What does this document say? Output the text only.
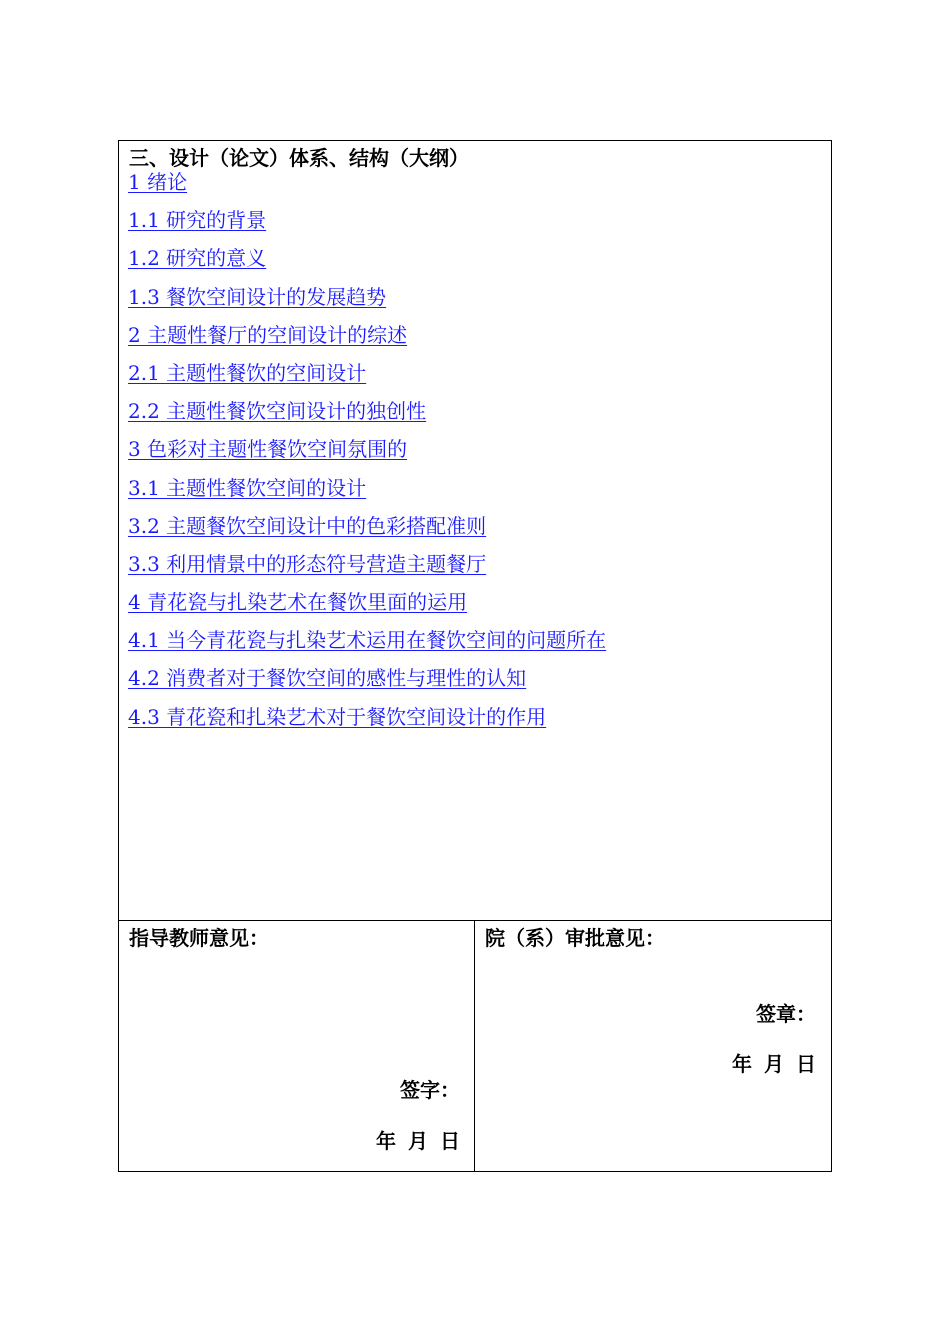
三、设计（论文）体系、结构（大纲）
1 绪论
1.1 研究的背景
1.2 研究的意义
1.3 餐饮空间设计的发展趋势
2 主题性餐厅的空间设计的综述
2.1 主题性餐饮的空间设计
2.2 主题性餐饮空间设计的独创性
3 色彩对主题性餐饮空间氛围的
3.1 主题性餐饮空间的设计
3.2 主题餐饮空间设计中的色彩搭配准则
3.3 利用情景中的形态符号营造主题餐厅
4 青花瓷与扎染艺术在餐饮里面的运用
4.1 当今青花瓷与扎染艺术运用在餐饮空间的问题所在
4.2 消费者对于餐饮空间的感性与理性的认知
4.3 青花瓷和扎染艺术对于餐饮空间设计的作用
指导教师意见：
签字：
年 月 日
院（系）审批意见：
签章：
年 月 日
